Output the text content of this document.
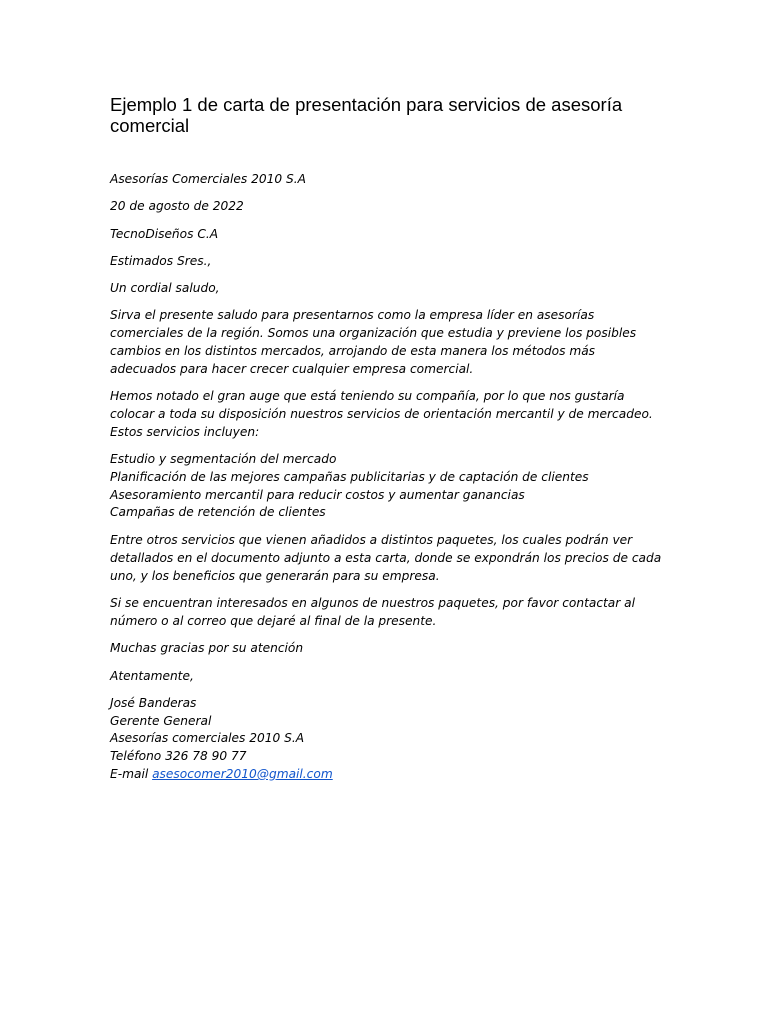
Ejemplo 1 de carta de presentación para servicios de asesoría comercial

Asesorías Comerciales 2010 S.A

20 de agosto de 2022

TecnoDiseños C.A

Estimados Sres.,

Un cordial saludo,

Sirva el presente saludo para presentarnos como la empresa líder en asesorías comerciales de la región. Somos una organización que estudia y previene los posibles cambios en los distintos mercados, arrojando de esta manera los métodos más adecuados para hacer crecer cualquier empresa comercial.

Hemos notado el gran auge que está teniendo su compañía, por lo que nos gustaría colocar a toda su disposición nuestros servicios de orientación mercantil y de mercadeo. Estos servicios incluyen:

Estudio y segmentación del mercado
Planificación de las mejores campañas publicitarias y de captación de clientes
Asesoramiento mercantil para reducir costos y aumentar ganancias
Campañas de retención de clientes

Entre otros servicios que vienen añadidos a distintos paquetes, los cuales podrán ver detallados en el documento adjunto a esta carta, donde se expondrán los precios de cada uno, y los beneficios que generarán para su empresa.

Si se encuentran interesados en algunos de nuestros paquetes, por favor contactar al número o al correo que dejaré al final de la presente.

Muchas gracias por su atención

Atentamente,

José Banderas
Gerente General
Asesorías comerciales 2010 S.A
Teléfono 326 78 90 77
E-mail asesocomer2010@gmail.com
